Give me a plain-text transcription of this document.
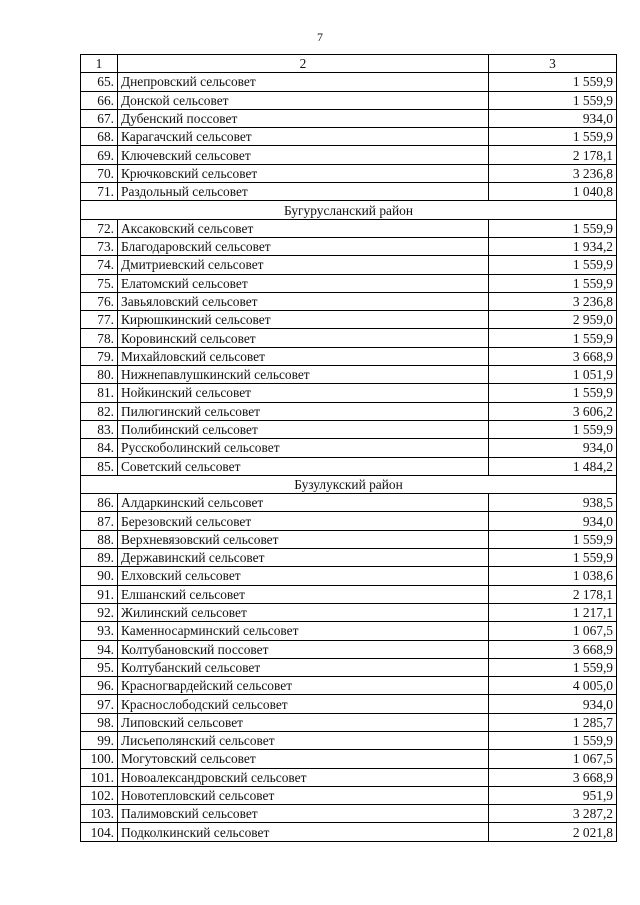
7
1	2	3
65.	Днепровский сельсовет	1 559,9
66.	Донской сельсовет	1 559,9
67.	Дубенский поссовет	934,0
68.	Карагачский сельсовет	1 559,9
69.	Ключевский сельсовет	2 178,1
70.	Крючковский сельсовет	3 236,8
71.	Раздольный сельсовет	1 040,8
Бугурусланский район		
72.	Аксаковский сельсовет	1 559,9
73.	Благодаровский сельсовет	1 934,2
74.	Дмитриевский сельсовет	1 559,9
75.	Елатомский сельсовет	1 559,9
76.	Завьяловский сельсовет	3 236,8
77.	Кирюшкинский сельсовет	2 959,0
78.	Коровинский сельсовет	1 559,9
79.	Михайловский сельсовет	3 668,9
80.	Нижнепавлушкинский сельсовет	1 051,9
81.	Нойкинский сельсовет	1 559,9
82.	Пилюгинский сельсовет	3 606,2
83.	Полибинский сельсовет	1 559,9
84.	Русскоболинский сельсовет	934,0
85.	Советский сельсовет	1 484,2
Бузулукский район		
86.	Алдаркинский сельсовет	938,5
87.	Березовский сельсовет	934,0
88.	Верхневязовский сельсовет	1 559,9
89.	Державинский сельсовет	1 559,9
90.	Елховский сельсовет	1 038,6
91.	Елшанский сельсовет	2 178,1
92.	Жилинский сельсовет	1 217,1
93.	Каменносарминский сельсовет	1 067,5
94.	Колтубановский поссовет	3 668,9
95.	Колтубанский сельсовет	1 559,9
96.	Красногвардейский сельсовет	4 005,0
97.	Краснослободский сельсовет	934,0
98.	Липовский сельсовет	1 285,7
99.	Лисьеполянский сельсовет	1 559,9
100.	Могутовский сельсовет	1 067,5
101.	Новоалександровский сельсовет	3 668,9
102.	Новотепловский сельсовет	951,9
103.	Палимовский сельсовет	3 287,2
104.	Подколкинский сельсовет	2 021,8
